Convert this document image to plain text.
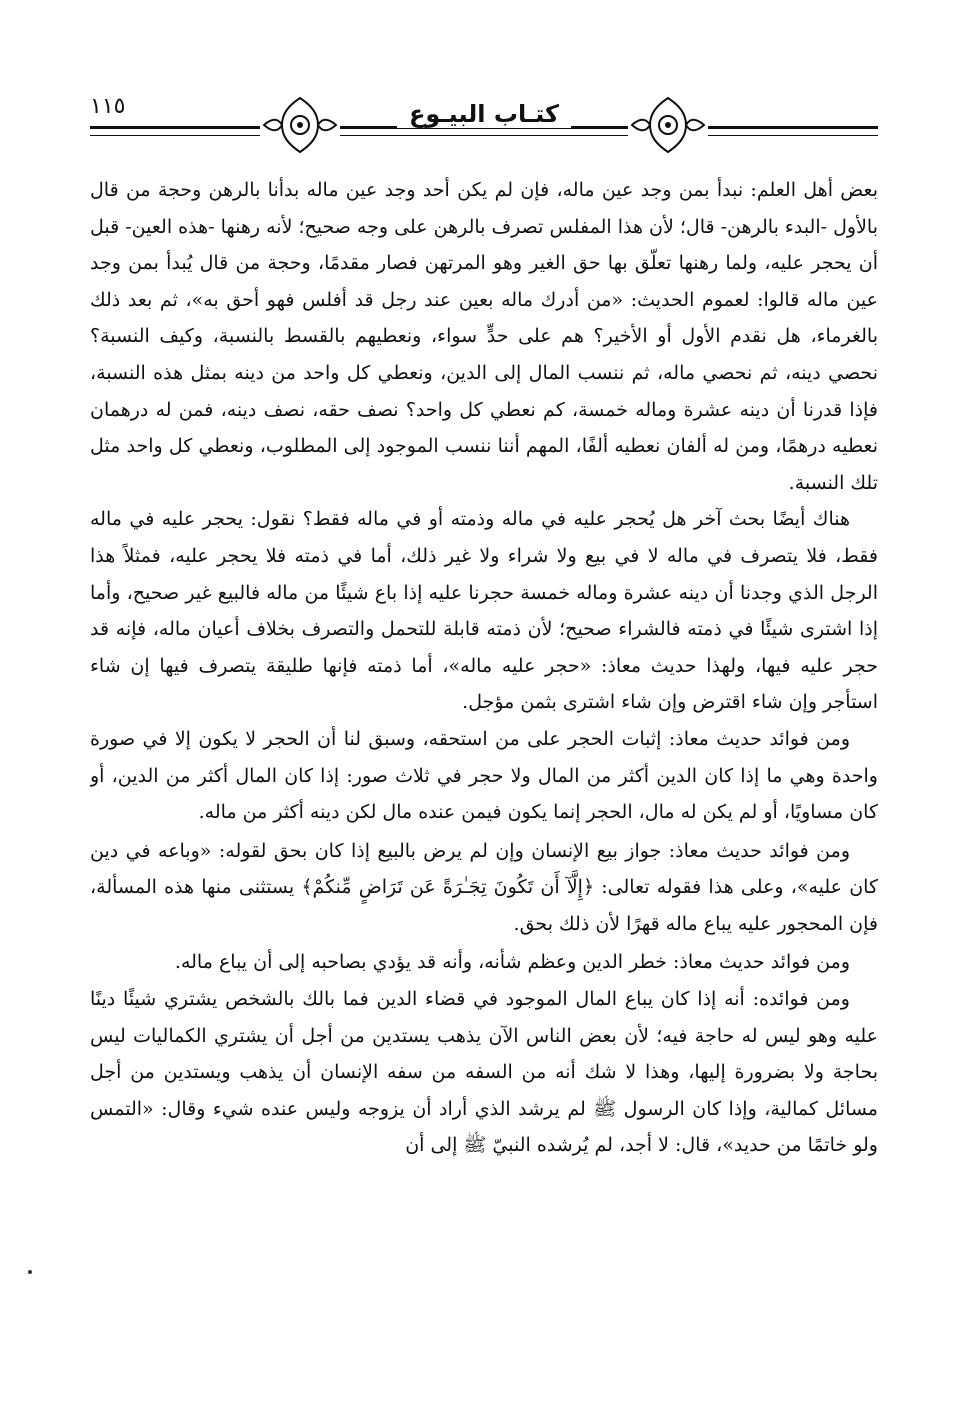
كتـاب البيـوع
١١٥

بعض أهل العلم: نبدأ بمن وجد عين ماله، فإن لم يكن أحد وجد عين ماله بدأنا بالرهن وحجة من قال بالأول -البدء بالرهن- قال؛ لأن هذا المفلس تصرف بالرهن على وجه صحيح؛ لأنه رهنها -هذه العين- قبل أن يحجر عليه، ولما رهنها تعلّق بها حق الغير وهو المرتهن فصار مقدمًا، وحجة من قال يُبدأ بمن وجد عين ماله قالوا: لعموم الحديث: «من أدرك ماله بعين عند رجل قد أفلس فهو أحق به»، ثم بعد ذلك بالغرماء، هل نقدم الأول أو الأخير؟ هم على حدٍّ سواء، ونعطيهم بالقسط بالنسبة، وكيف النسبة؟ نحصي دينه، ثم نحصي ماله، ثم ننسب المال إلى الدين، ونعطي كل واحد من دينه بمثل هذه النسبة، فإذا قدرنا أن دينه عشرة وماله خمسة، كم نعطي كل واحد؟ نصف حقه، نصف دينه، فمن له درهمان نعطيه درهمًا، ومن له ألفان نعطيه ألفًا، المهم أننا ننسب الموجود إلى المطلوب، ونعطي كل واحد مثل تلك النسبة.

هناك أيضًا بحث آخر هل يُحجر عليه في ماله وذمته أو في ماله فقط؟ نقول: يحجر عليه في ماله فقط، فلا يتصرف في ماله لا في بيع ولا شراء ولا غير ذلك، أما في ذمته فلا يحجر عليه، فمثلاً هذا الرجل الذي وجدنا أن دينه عشرة وماله خمسة حجرنا عليه إذا باع شيئًا من ماله فالبيع غير صحيح، وأما إذا اشترى شيئًا في ذمته فالشراء صحيح؛ لأن ذمته قابلة للتحمل والتصرف بخلاف أعيان ماله، فإنه قد حجر عليه فيها، ولهذا حديث معاذ: «حجر عليه ماله»، أما ذمته فإنها طليقة يتصرف فيها إن شاء استأجر وإن شاء اقترض وإن شاء اشترى بثمن مؤجل.

ومن فوائد حديث معاذ: إثبات الحجر على من استحقه، وسبق لنا أن الحجر لا يكون إلا في صورة واحدة وهي ما إذا كان الدين أكثر من المال ولا حجر في ثلاث صور: إذا كان المال أكثر من الدين، أو كان مساويًا، أو لم يكن له مال، الحجر إنما يكون فيمن عنده مال لكن دينه أكثر من ماله.

ومن فوائد حديث معاذ: جواز بيع الإنسان وإن لم يرض بالبيع إذا كان بحق لقوله: «وباعه في دين كان عليه»، وعلى هذا فقوله تعالى: ﴿إِلَّآ أَن تَكُونَ تِجَـٰرَةً عَن تَرَاضٍ مِّنكُمْ﴾ يستثنى منها هذه المسألة، فإن المحجور عليه يباع ماله قهرًا لأن ذلك بحق.

ومن فوائد حديث معاذ: خطر الدين وعظم شأنه، وأنه قد يؤدي بصاحبه إلى أن يباع ماله.

ومن فوائده: أنه إذا كان يباع المال الموجود في قضاء الدين فما بالك بالشخص يشتري شيئًا دينًا عليه وهو ليس له حاجة فيه؛ لأن بعض الناس الآن يذهب يستدين من أجل أن يشتري الكماليات ليس بحاجة ولا بضرورة إليها، وهذا لا شك أنه من السفه من سفه الإنسان أن يذهب ويستدين من أجل مسائل كمالية، وإذا كان الرسول ﷺ لم يرشد الذي أراد أن يزوجه وليس عنده شيء وقال: «التمس ولو خاتمًا من حديد»، قال: لا أجد، لم يُرشده النبيّ ﷺ إلى أن
